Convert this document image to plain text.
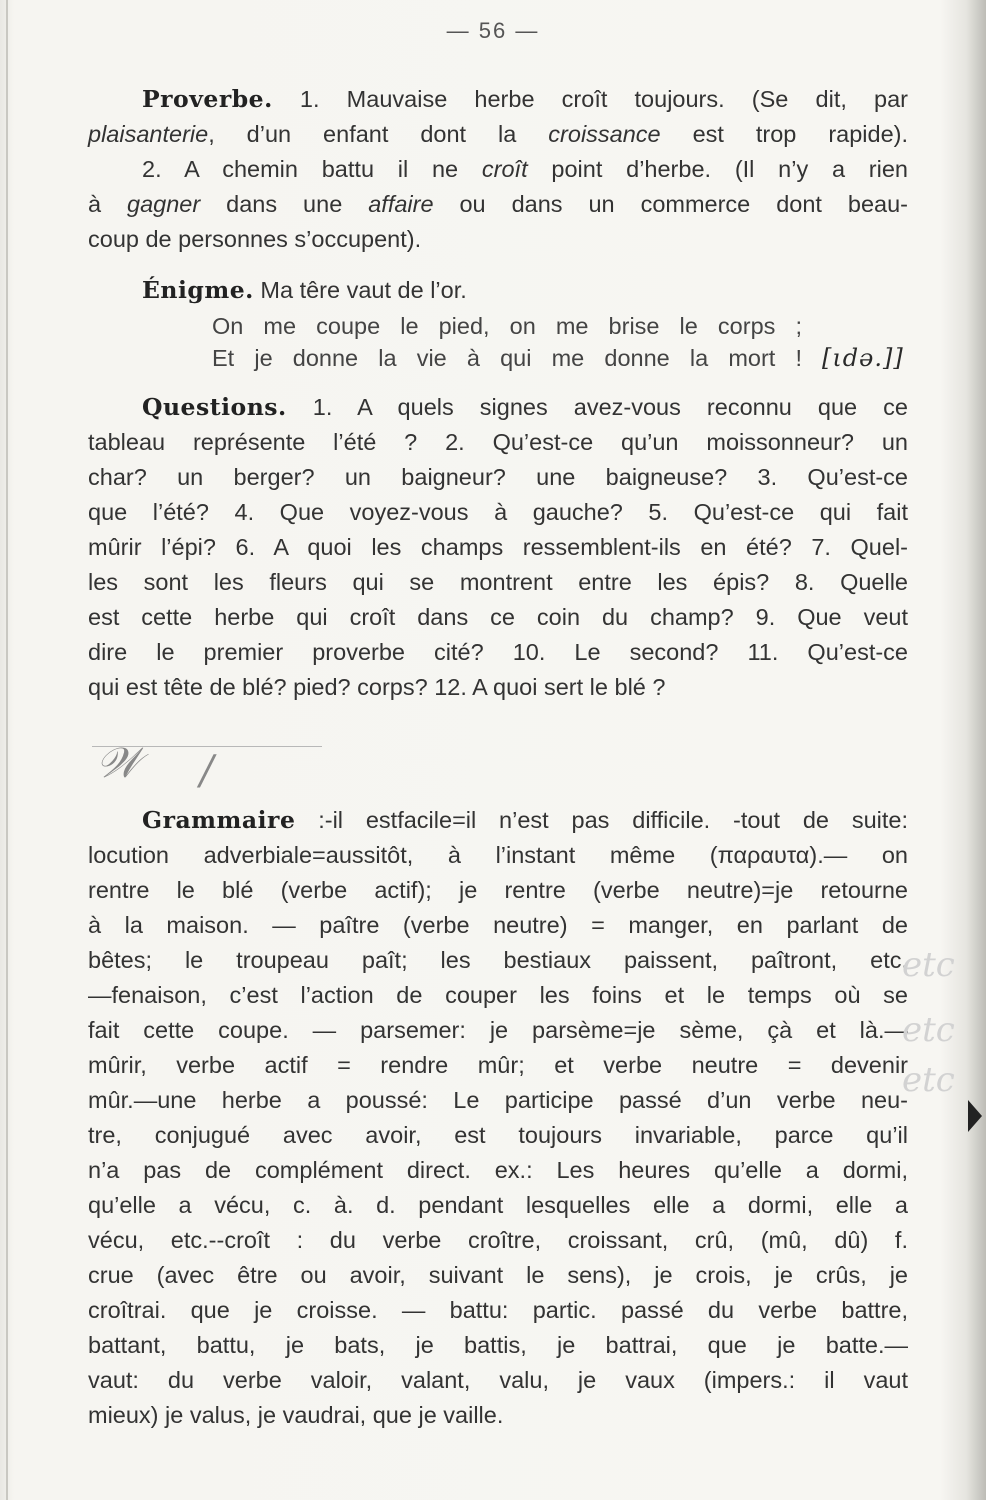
— 56 —
Proverbe. 1. Mauvaise herbe croît toujours. (Se dit, par
plaisanterie, d’un enfant dont la croissance est trop rapide).
2. A chemin battu il ne croît point d’herbe. (Il n’y a rien
à gagner dans une affaire ou dans un commerce dont beau-
coup de personnes s’occupent).
Énigme. Ma têre vaut de l’or.
On me coupe le pied, on me brise le corps ;
Et je donne la vie à qui me donne la mort ! [ιdə.]]
Questions. 1. A quels signes avez-vous reconnu que ce
tableau représente l’été ? 2. Qu’est-ce qu’un moissonneur? un
char? un berger? un baigneur? une baigneuse? 3. Qu’est-ce
que l’été? 4. Que voyez-vous à gauche? 5. Qu’est-ce qui fait
mûrir l’épi? 6. A quoi les champs ressemblent-ils en été? 7. Quel-
les sont les fleurs qui se montrent entre les épis? 8. Quelle
est cette herbe qui croît dans ce coin du champ? 9. Que veut
dire le premier proverbe cité? 10. Le second? 11. Qu’est-ce
qui est tête de blé? pied? corps? 12. A quoi sert le blé ?
𝒲 /
Grammaire :-il estfacile=il n’est pas difficile. -tout de suite:
locution adverbiale=aussitôt, à l’instant même (παραυτα).— on
rentre le blé (verbe actif); je rentre (verbe neutre)=je retourne
à la maison. — paître (verbe neutre) = manger, en parlant de
bêtes; le troupeau paît; les bestiaux paissent, paîtront, etc.
—fenaison, c’est l’action de couper les foins et le temps où se
fait cette coupe. — parsemer: je parsème=je sème, çà et là.—
mûrir, verbe actif = rendre mûr; et verbe neutre = devenir
mûr.—une herbe a poussé: Le participe passé d’un verbe neu-
tre, conjugué avec avoir, est toujours invariable, parce qu’il
n’a pas de complément direct. ex.: Les heures qu’elle a dormi,
qu’elle a vécu, c. à. d. pendant lesquelles elle a dormi, elle a
vécu, etc.--croît : du verbe croître, croissant, crû, (mû, dû) f.
crue (avec être ou avoir, suivant le sens), je crois, je crûs, je
croîtrai. que je croisse. — battu: partic. passé du verbe battre,
battant, battu, je bats, je battis, je battrai, que je batte.—
vaut: du verbe valoir, valant, valu, je vaux (impers.: il vaut
mieux) je valus, je vaudrai, que je vaille.
etc
etc
etc
